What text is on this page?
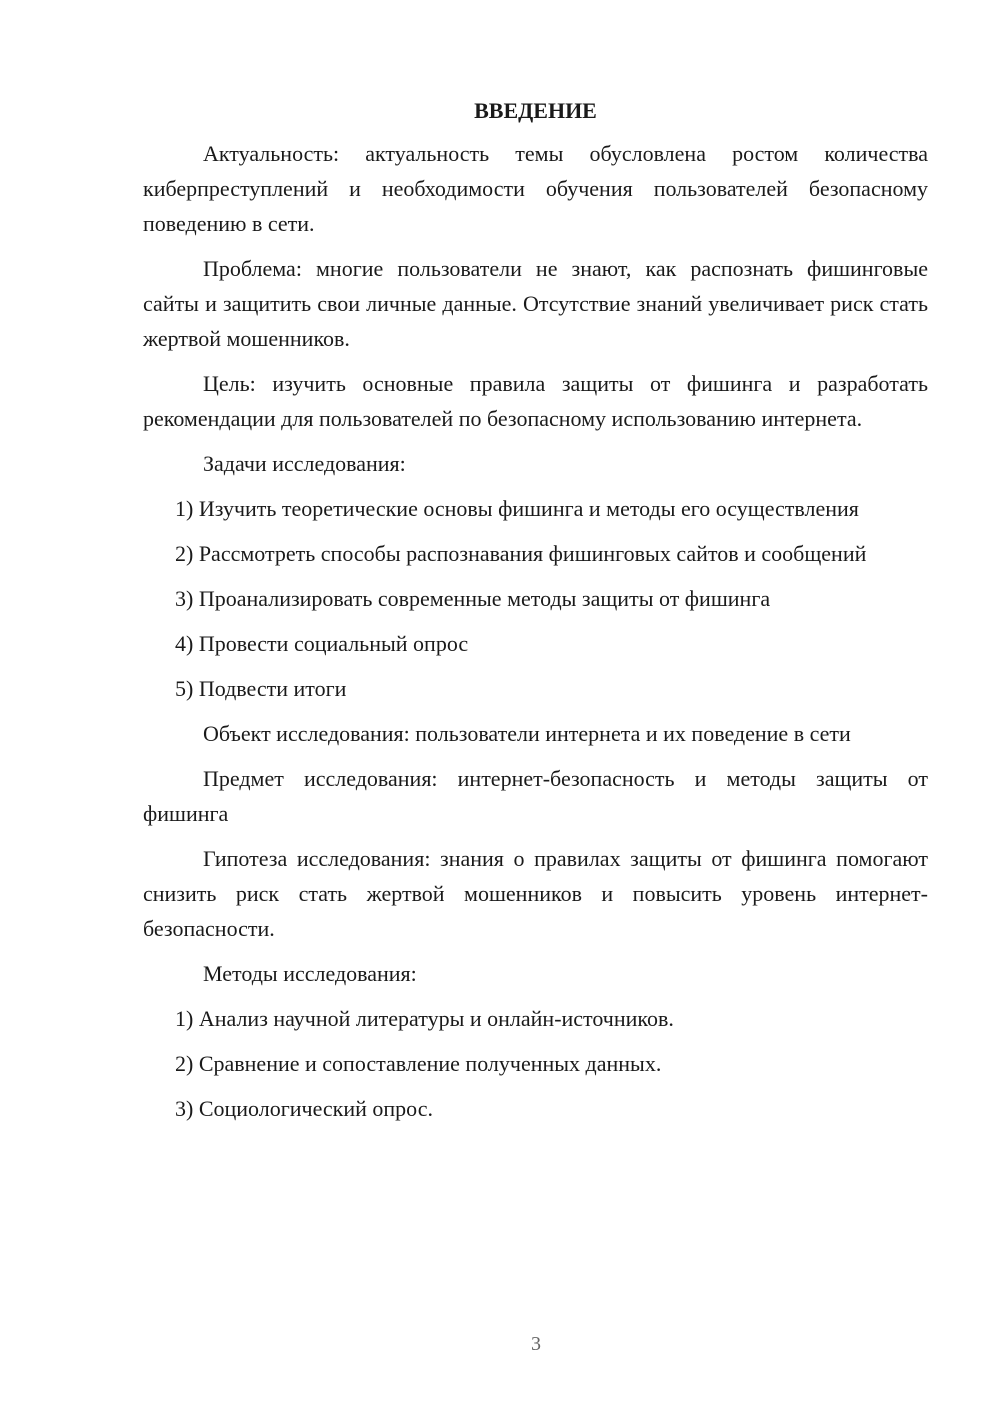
ВВЕДЕНИЕ

Актуальность: актуальность темы обусловлена ростом количества киберпреступлений и необходимости обучения пользователей безопасному поведению в сети.

Проблема: многие пользователи не знают, как распознать фишинговые сайты и защитить свои личные данные. Отсутствие знаний увеличивает риск стать жертвой мошенников.

Цель: изучить основные правила защиты от фишинга и разработать рекомендации для пользователей по безопасному использованию интернета.

Задачи исследования:

1) Изучить теоретические основы фишинга и методы его осуществления

2) Рассмотреть способы распознавания фишинговых сайтов и сообщений

3) Проанализировать современные методы защиты от фишинга

4) Провести социальный опрос

5) Подвести итоги

Объект исследования: пользователи интернета и их поведение в сети

Предмет исследования: интернет-безопасность и методы защиты от фишинга

Гипотеза исследования: знания о правилах защиты от фишинга помогают снизить риск стать жертвой мошенников и повысить уровень интернет-безопасности.

Методы исследования:

1) Анализ научной литературы и онлайн-источников.

2) Сравнение и сопоставление полученных данных.

3) Социологический опрос.

3
